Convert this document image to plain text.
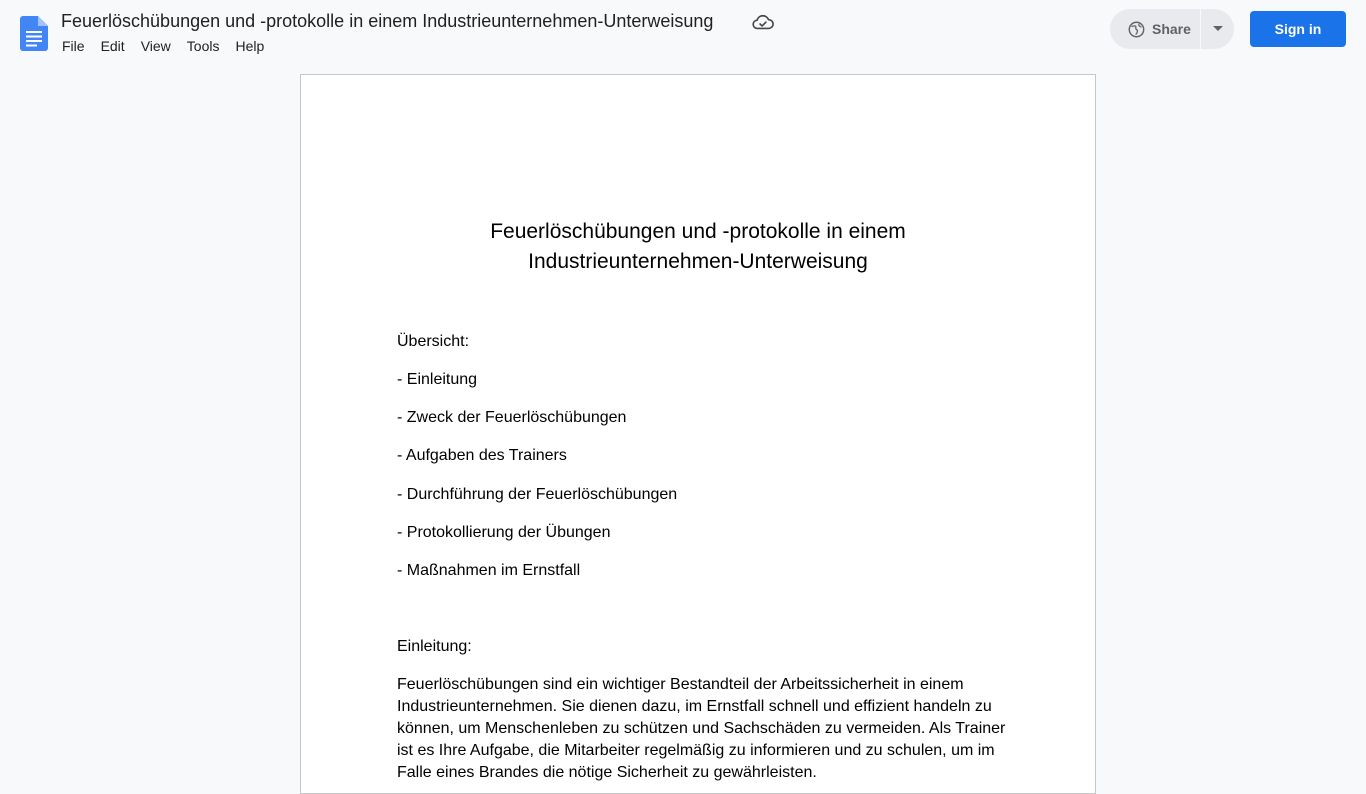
Feuerlöschübungen und -protokolle in einem Industrieunternehmen-Unterweisung
File	Edit	View	Tools	Help
Share	Sign in
Feuerlöschübungen und -protokolle in einem
Industrieunternehmen-Unterweisung
Übersicht:
- Einleitung
- Zweck der Feuerlöschübungen
- Aufgaben des Trainers
- Durchführung der Feuerlöschübungen
- Protokollierung der Übungen
- Maßnahmen im Ernstfall
Einleitung:
Feuerlöschübungen sind ein wichtiger Bestandteil der Arbeitssicherheit in einem Industrieunternehmen. Sie dienen dazu, im Ernstfall schnell und effizient handeln zu können, um Menschenleben zu schützen und Sachschäden zu vermeiden. Als Trainer ist es Ihre Aufgabe, die Mitarbeiter regelmäßig zu informieren und zu schulen, um im Falle eines Brandes die nötige Sicherheit zu gewährleisten.
